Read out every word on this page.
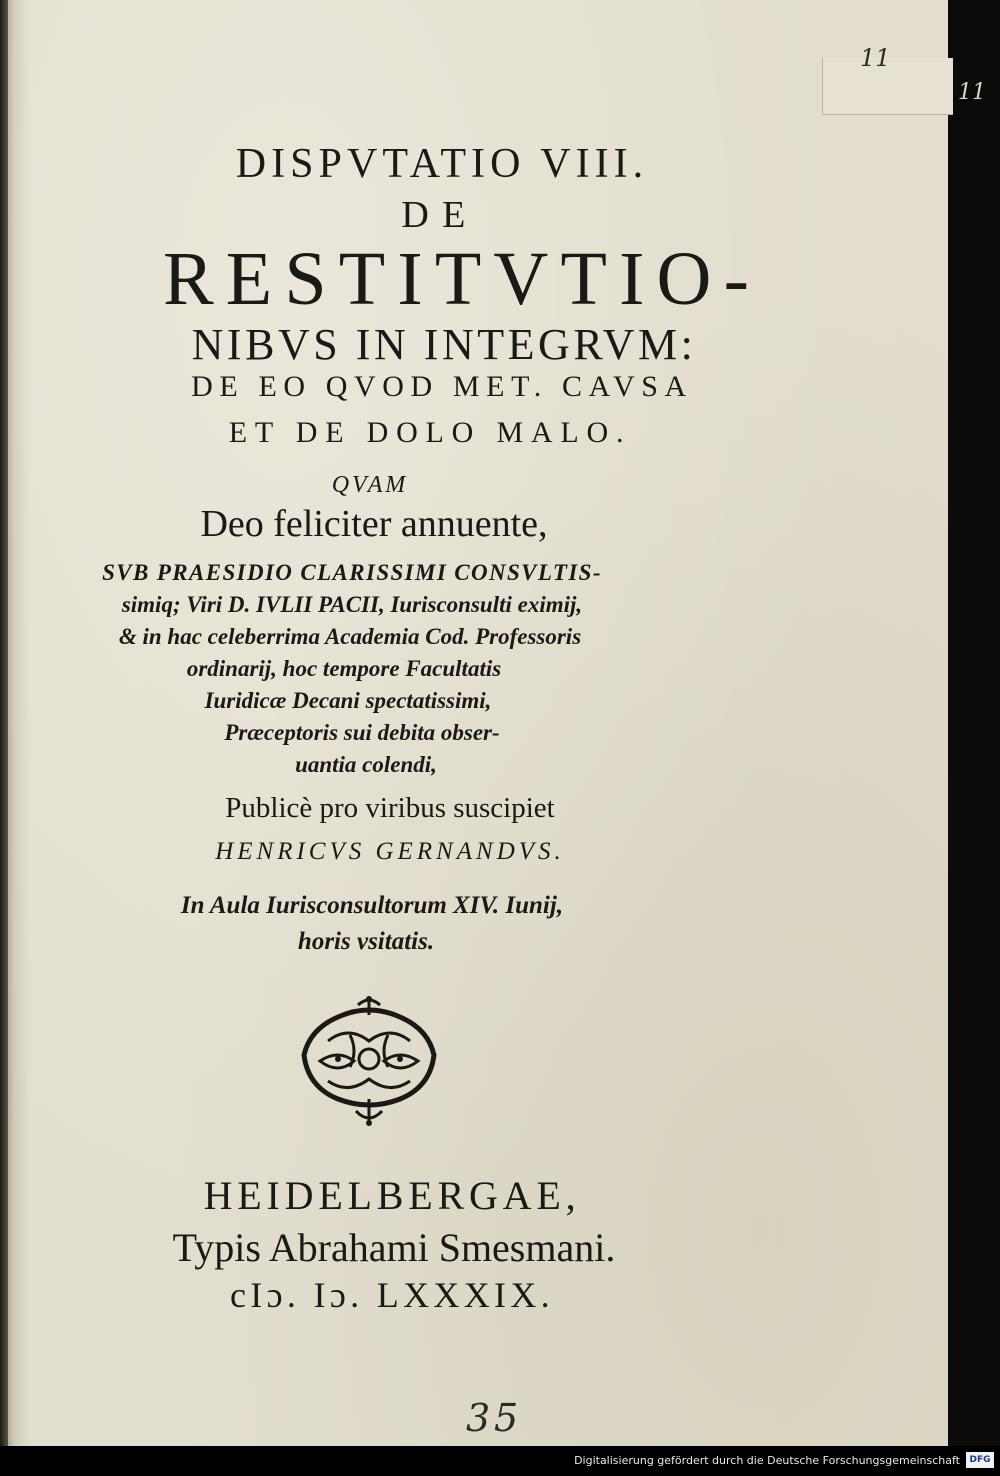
11
11
DISPVTATIO VIII.
DE
RESTITVTIO-
NIBVS IN INTEGRVM:
DE EO QVOD MET. CAVSA
ET DE DOLO MALO.
QVAM
Deo feliciter annuente,
SVB PRAESIDIO CLARISSIMI CONSVLTIS-
simiq; Viri D. IVLII PACII, Iurisconsulti eximij,
& in hac celeberrima Academia Cod. Professoris
ordinarij, hoc tempore Facultatis
Iuridicæ Decani spectatissimi,
Præceptoris sui debita obser-
uantia colendi,
Publicè pro viribus suscipiet
HENRICVS GERNANDVS.
In Aula Iurisconsultorum XIV. Iunij,
horis vsitatis.
HEIDELBERGAE,
Typis Abrahami Smesmani.
cIɔ. Iɔ. LXXXIX.
35
Digitalisierung gefördert durch die Deutsche Forschungsgemeinschaft	DFG
